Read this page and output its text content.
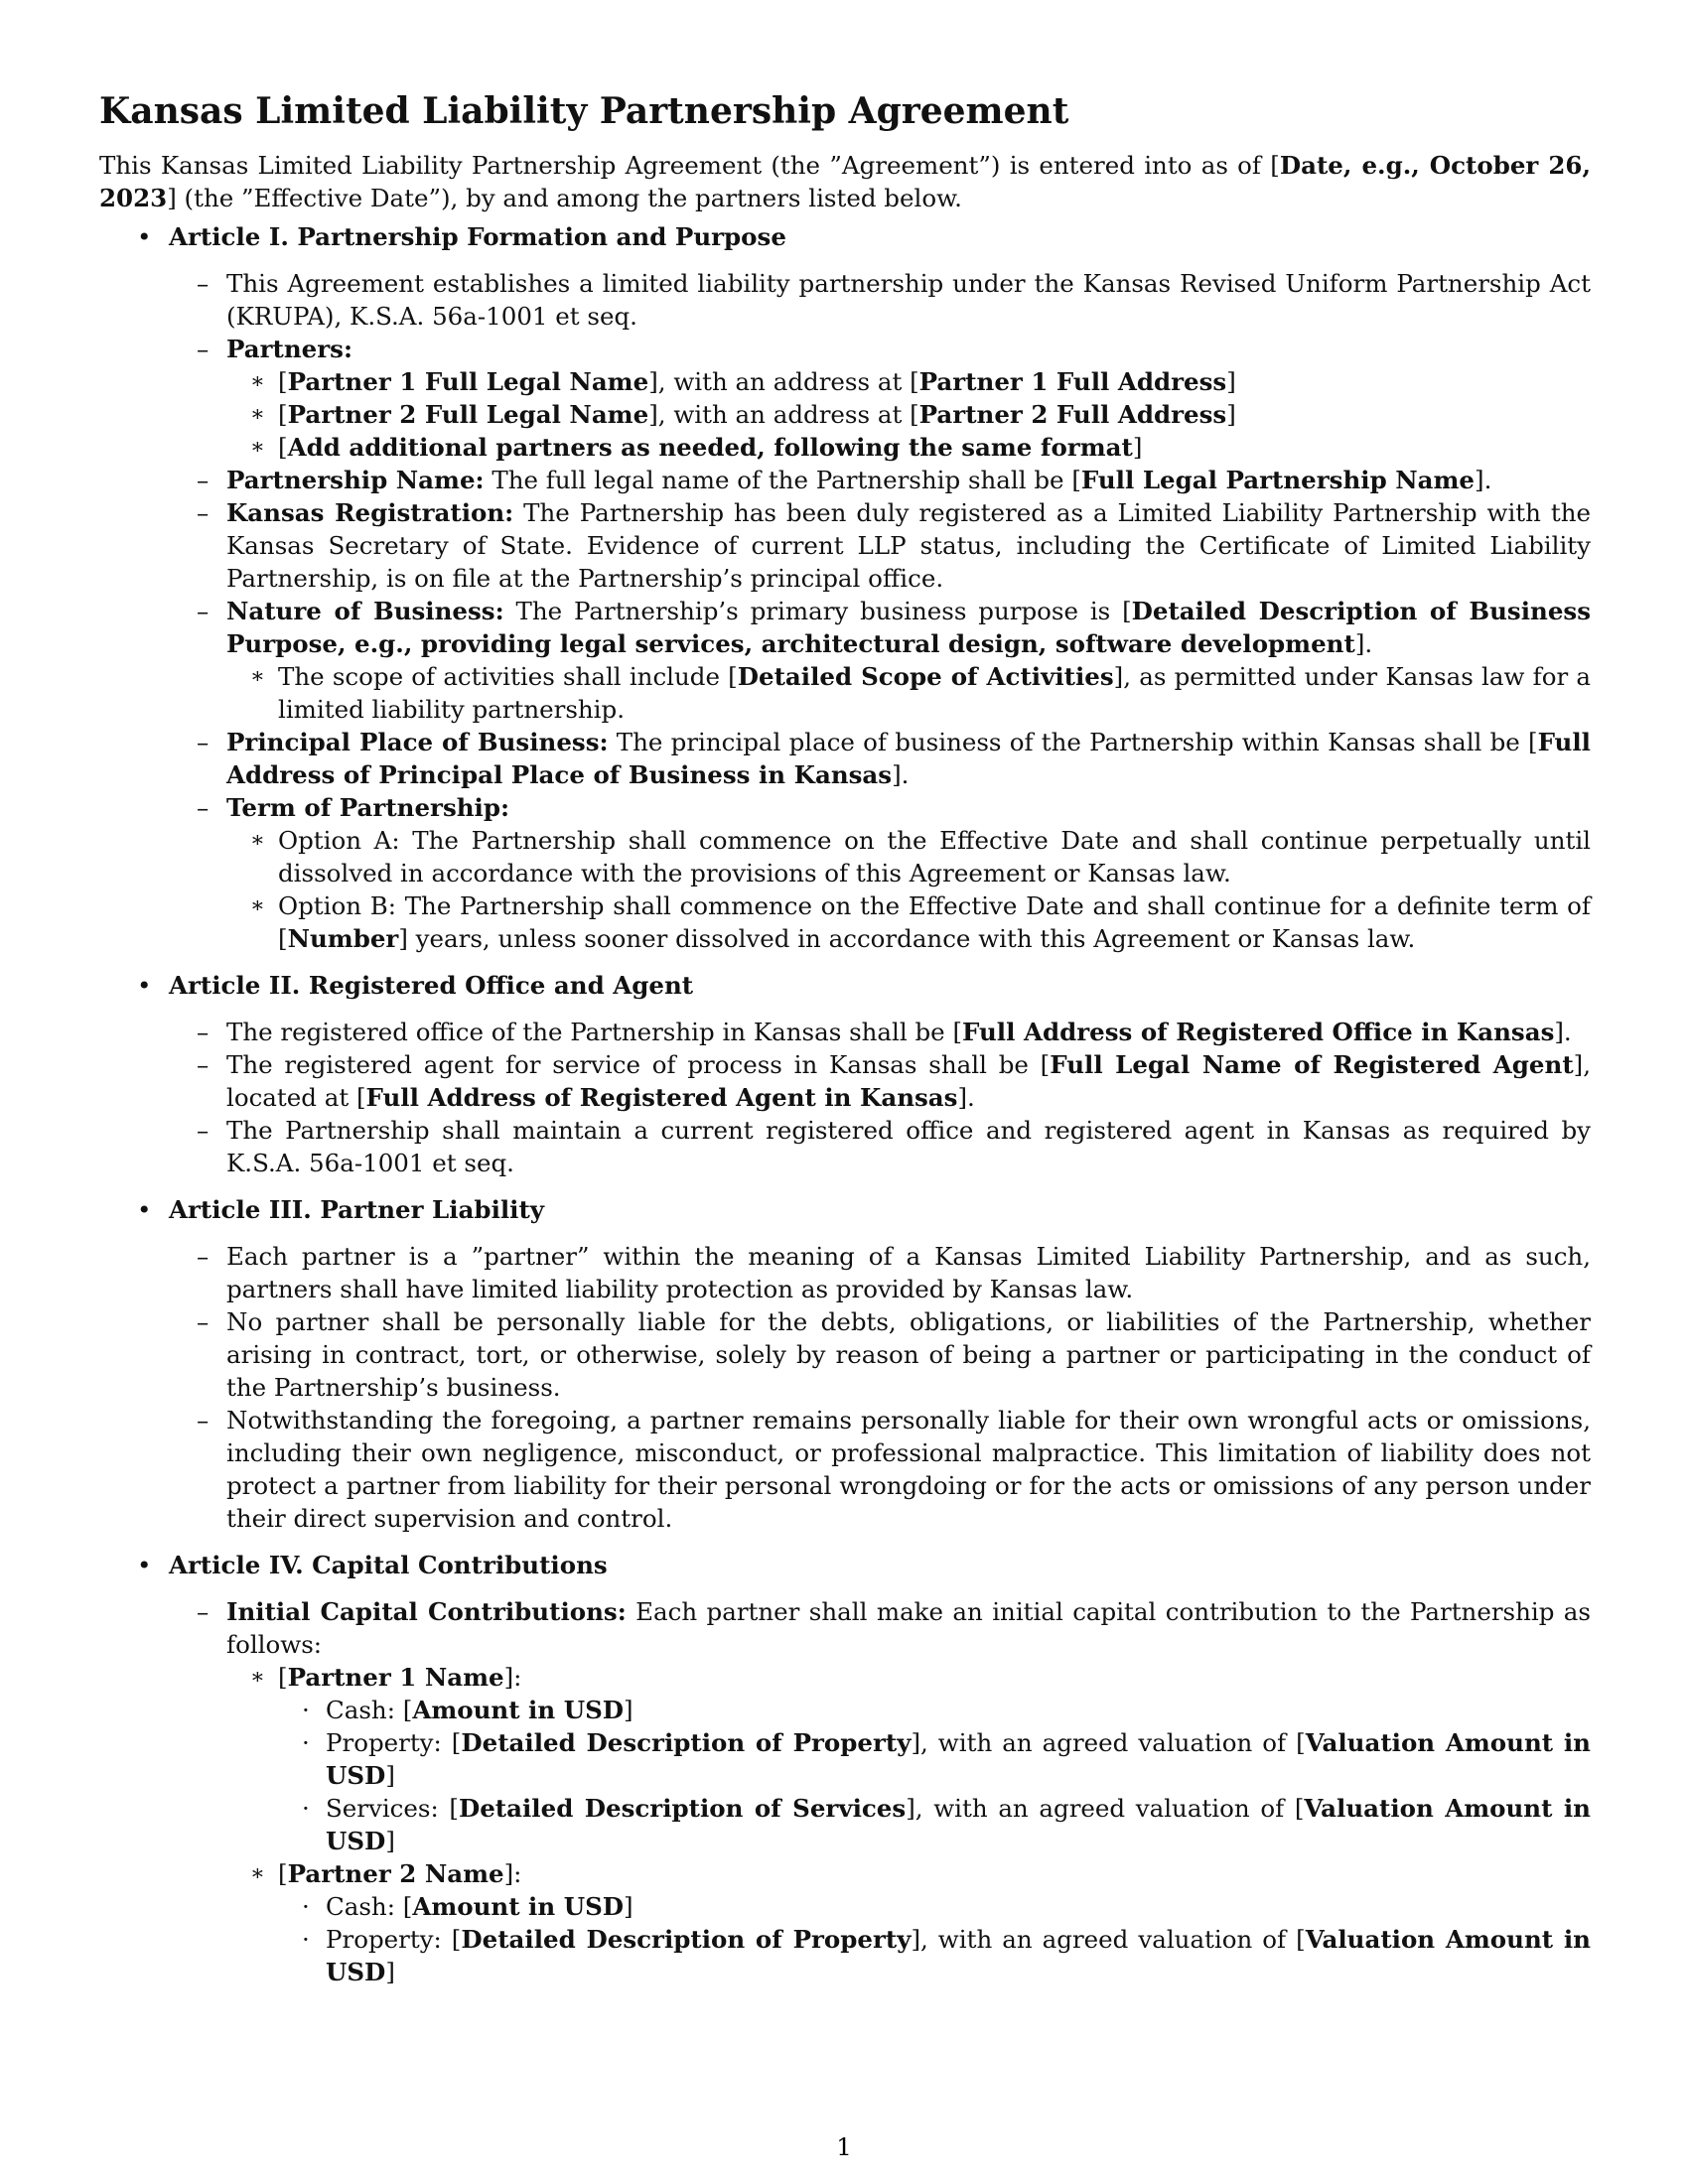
Kansas Limited Liability Partnership Agreement

This Kansas Limited Liability Partnership Agreement (the ”Agreement”) is entered into as of [Date, e.g., October 26, 2023] (the ”Effective Date”), by and among the partners listed below.

• Article I. Partnership Formation and Purpose
– This Agreement establishes a limited liability partnership under the Kansas Revised Uniform Partnership Act (KRUPA), K.S.A. 56a-1001 et seq.
– Partners:
∗ [Partner 1 Full Legal Name], with an address at [Partner 1 Full Address]
∗ [Partner 2 Full Legal Name], with an address at [Partner 2 Full Address]
∗ [Add additional partners as needed, following the same format]
– Partnership Name: The full legal name of the Partnership shall be [Full Legal Partnership Name].
– Kansas Registration: The Partnership has been duly registered as a Limited Liability Partnership with the Kansas Secretary of State. Evidence of current LLP status, including the Certificate of Limited Liability Partnership, is on file at the Partnership’s principal office.
– Nature of Business: The Partnership’s primary business purpose is [Detailed Description of Business Purpose, e.g., providing legal services, architectural design, software development].
∗ The scope of activities shall include [Detailed Scope of Activities], as permitted under Kansas law for a limited liability partnership.
– Principal Place of Business: The principal place of business of the Partnership within Kansas shall be [Full Address of Principal Place of Business in Kansas].
– Term of Partnership:
∗ Option A: The Partnership shall commence on the Effective Date and shall continue perpetually until dissolved in accordance with the provisions of this Agreement or Kansas law.
∗ Option B: The Partnership shall commence on the Effective Date and shall continue for a definite term of [Number] years, unless sooner dissolved in accordance with this Agreement or Kansas law.
• Article II. Registered Office and Agent
– The registered office of the Partnership in Kansas shall be [Full Address of Registered Office in Kansas].
– The registered agent for service of process in Kansas shall be [Full Legal Name of Registered Agent], located at [Full Address of Registered Agent in Kansas].
– The Partnership shall maintain a current registered office and registered agent in Kansas as required by K.S.A. 56a-1001 et seq.
• Article III. Partner Liability
– Each partner is a ”partner” within the meaning of a Kansas Limited Liability Partnership, and as such, partners shall have limited liability protection as provided by Kansas law.
– No partner shall be personally liable for the debts, obligations, or liabilities of the Partnership, whether arising in contract, tort, or otherwise, solely by reason of being a partner or participating in the conduct of the Partnership’s business.
– Notwithstanding the foregoing, a partner remains personally liable for their own wrongful acts or omissions, including their own negligence, misconduct, or professional malpractice. This limitation of liability does not protect a partner from liability for their personal wrongdoing or for the acts or omissions of any person under their direct supervision and control.
• Article IV. Capital Contributions
– Initial Capital Contributions: Each partner shall make an initial capital contribution to the Partnership as follows:
∗ [Partner 1 Name]:
· Cash: [Amount in USD]
· Property: [Detailed Description of Property], with an agreed valuation of [Valuation Amount in USD]
· Services: [Detailed Description of Services], with an agreed valuation of [Valuation Amount in USD]
∗ [Partner 2 Name]:
· Cash: [Amount in USD]
· Property: [Detailed Description of Property], with an agreed valuation of [Valuation Amount in USD]
1
